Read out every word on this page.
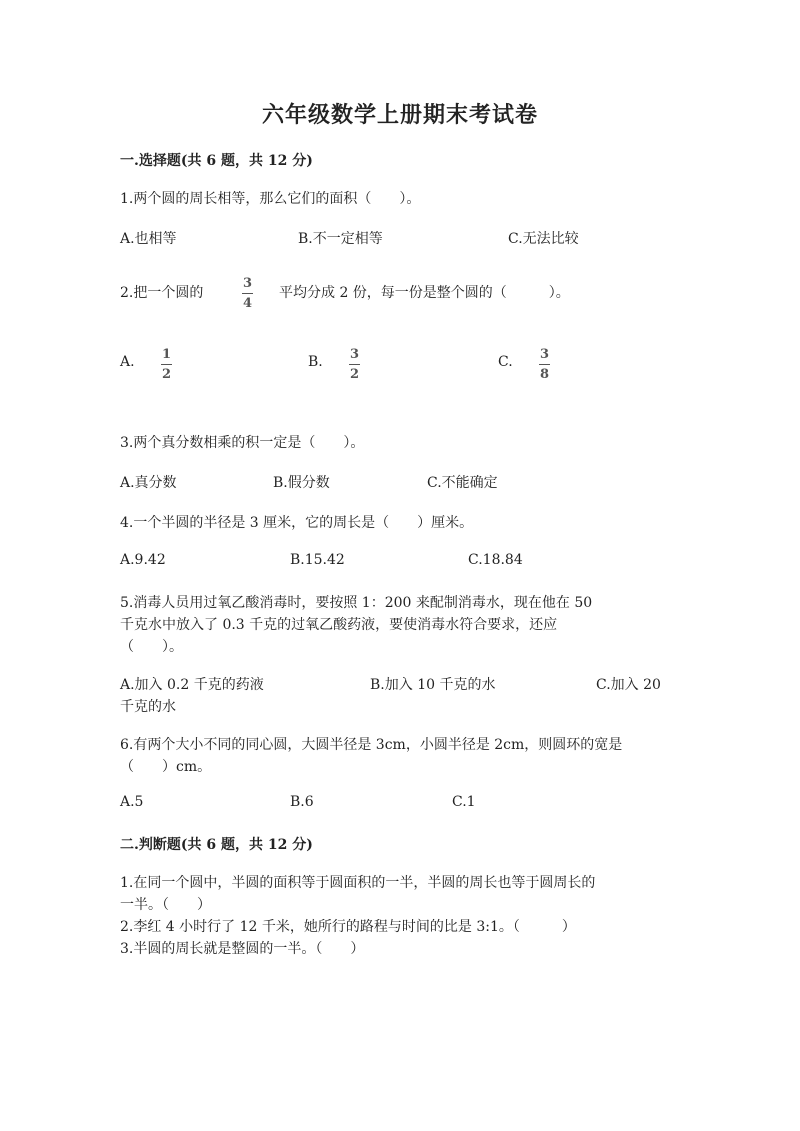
六年级数学上册期末考试卷
一.选择题(共 6 题，共 12 分)
1.两个圆的周长相等，那么它们的面积（　　）。
A.也相等	B.不一定相等	C.无法比较
2.把一个圆的
3
4
平均分成 2 份，每一份是整个圆的（　　　）。
A. 1
2
B. 3
2
C. 3
8
3.两个真分数相乘的积一定是（　　）。
A.真分数	B.假分数	C.不能确定
4.一个半圆的半径是 3 厘米，它的周长是（　　）厘米。
A.9.42	B.15.42	C.18.84
5.消毒人员用过氧乙酸消毒时，要按照 1：200 来配制消毒水，现在他在 50
千克水中放入了 0.3 千克的过氧乙酸药液，要使消毒水符合要求，还应
（　　）。
A.加入 0.2 千克的药液	B.加入 10 千克的水	C.加入 20
千克的水
6.有两个大小不同的同心圆，大圆半径是 3cm，小圆半径是 2cm，则圆环的宽是
（　　）cm。
A.5	B.6	C.1
二.判断题(共 6 题，共 12 分)
1.在同一个圆中，半圆的面积等于圆面积的一半，半圆的周长也等于圆周长的
一半。（　　）
2.李红 4 小时行了 12 千米，她所行的路程与时间的比是 3:1。（　　　）
3.半圆的周长就是整圆的一半。（　　）
